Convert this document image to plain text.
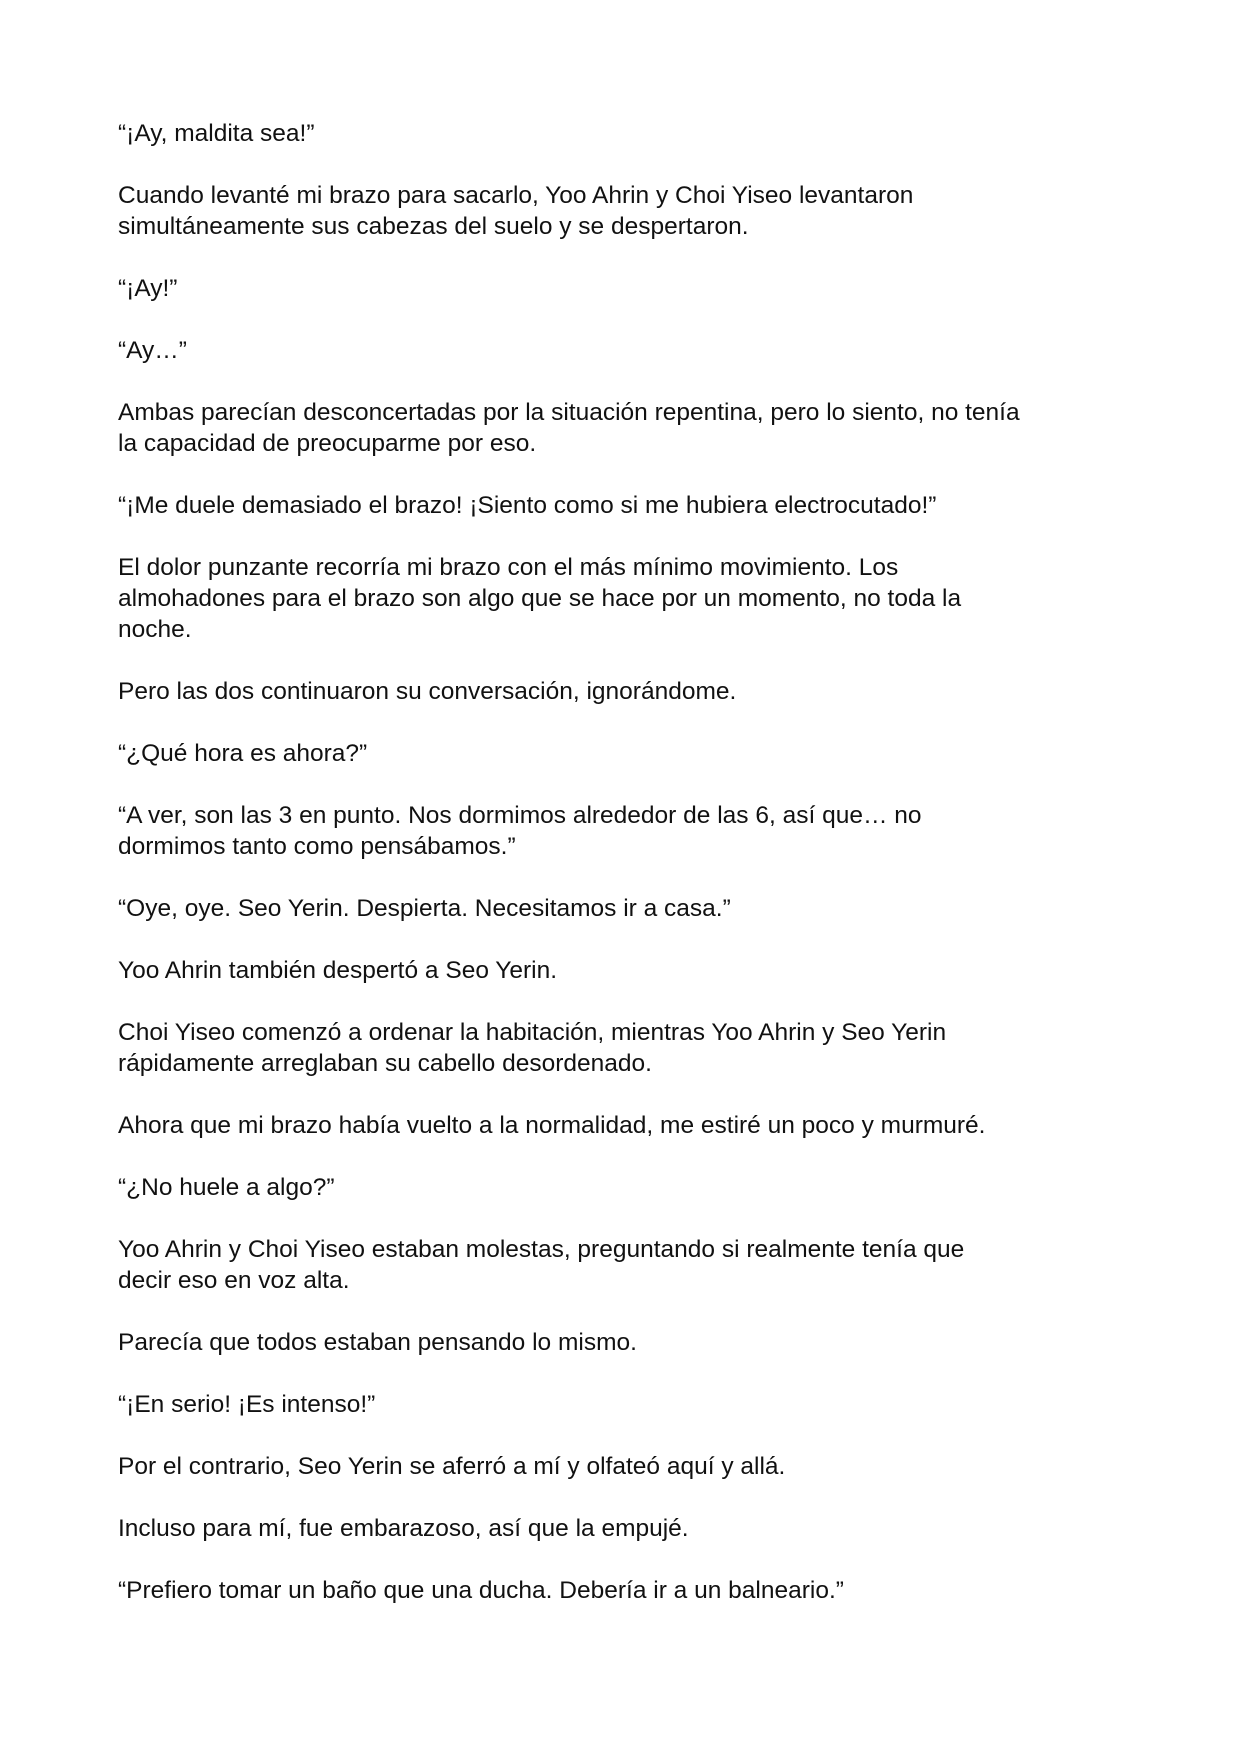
“¡Ay, maldita sea!”

Cuando levanté mi brazo para sacarlo, Yoo Ahrin y Choi Yiseo levantaron
simultáneamente sus cabezas del suelo y se despertaron.

“¡Ay!”

“Ay…”

Ambas parecían desconcertadas por la situación repentina, pero lo siento, no tenía
la capacidad de preocuparme por eso.

“¡Me duele demasiado el brazo! ¡Siento como si me hubiera electrocutado!”

El dolor punzante recorría mi brazo con el más mínimo movimiento. Los
almohadones para el brazo son algo que se hace por un momento, no toda la
noche.

Pero las dos continuaron su conversación, ignorándome.

“¿Qué hora es ahora?”

“A ver, son las 3 en punto. Nos dormimos alrededor de las 6, así que… no
dormimos tanto como pensábamos.”

“Oye, oye. Seo Yerin. Despierta. Necesitamos ir a casa.”

Yoo Ahrin también despertó a Seo Yerin.

Choi Yiseo comenzó a ordenar la habitación, mientras Yoo Ahrin y Seo Yerin
rápidamente arreglaban su cabello desordenado.

Ahora que mi brazo había vuelto a la normalidad, me estiré un poco y murmuré.

“¿No huele a algo?”

Yoo Ahrin y Choi Yiseo estaban molestas, preguntando si realmente tenía que
decir eso en voz alta.

Parecía que todos estaban pensando lo mismo.

“¡En serio! ¡Es intenso!”

Por el contrario, Seo Yerin se aferró a mí y olfateó aquí y allá.

Incluso para mí, fue embarazoso, así que la empujé.

“Prefiero tomar un baño que una ducha. Debería ir a un balneario.”
